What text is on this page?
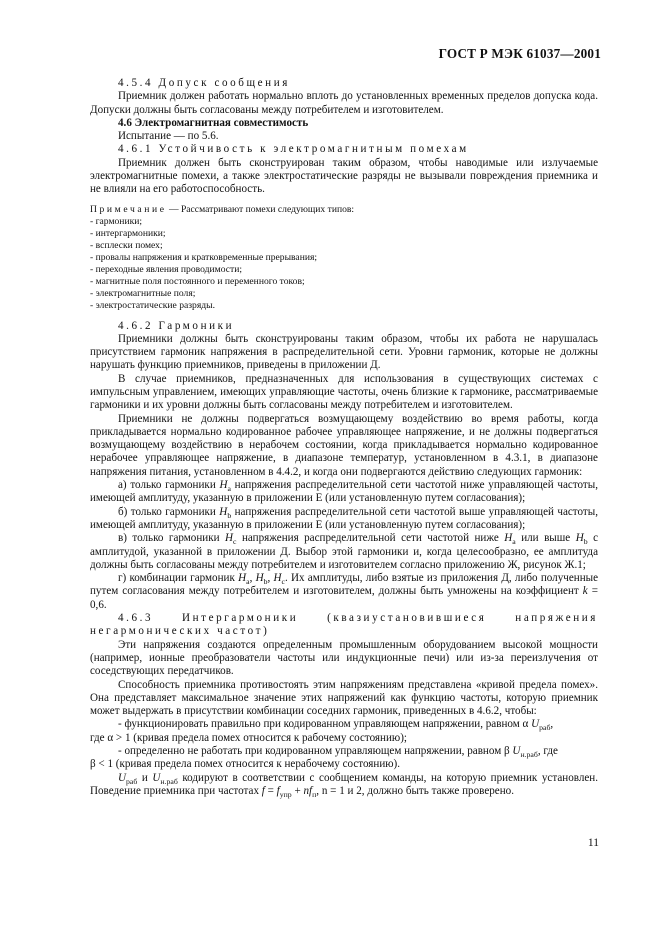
ГОСТ Р МЭК 61037—2001

4.5.4 Допуск сообщения

Приемник должен работать нормально вплоть до установленных временных пределов допуска кода. Допуски должны быть согласованы между потребителем и изготовителем.

4.6 Электромагнитная совместимость

Испытание — по 5.6.

4.6.1 Устойчивость к электромагнитным помехам

Приемник должен быть сконструирован таким образом, чтобы наводимые или излучаемые электромагнитные помехи, а также электростатические разряды не вызывали повреждения приемника и не влияли на его работоспособность.

Примечание — Рассматривают помехи следующих типов:

- гармоники;

- интергармоники;

- всплески помех;

- провалы напряжения и кратковременные прерывания;

- переходные явления проводимости;

- магнитные поля постоянного и переменного токов;

- электромагнитные поля;

- электростатические разряды.

4.6.2 Гармоники

Приемники должны быть сконструированы таким образом, чтобы их работа не нарушалась присутствием гармоник напряжения в распределительной сети. Уровни гармоник, которые не должны нарушать функцию приемников, приведены в приложении Д.

В случае приемников, предназначенных для использования в существующих системах с импульсным управлением, имеющих управляющие частоты, очень близкие к гармонике, рассматриваемые гармоники и их уровни должны быть согласованы между потребителем и изготовителем.

Приемники не должны подвергаться возмущающему воздействию во время работы, когда прикладывается нормально кодированное рабочее управляющее напряжение, и не должны подвергаться возмущающему воздействию в нерабочем состоянии, когда прикладывается нормально кодированное нерабочее управляющее напряжение, в диапазоне температур, установленном в 4.3.1, в диапазоне напряжения питания, установленном в 4.4.2, и когда они подвергаются действию следующих гармоник:

а) только гармоники $H_a$ напряжения распределительной сети частотой ниже управляющей частоты, имеющей амплитуду, указанную в приложении Е (или установленную путем согласования);

б) только гармоники $H_b$ напряжения распределительной сети частотой выше управляющей частоты, имеющей амплитуду, указанную в приложении Е (или установленную путем согласования);

в) только гармоники $H_c$ напряжения распределительной сети частотой ниже $H_a$ или выше $H_b$ с амплитудой, указанной в приложении Д. Выбор этой гармоники и, когда целесообразно, ее амплитуда должны быть согласованы между потребителем и изготовителем согласно приложению Ж, рисунок Ж.1;

г) комбинации гармоник $H_a$, $H_b$, $H_c$. Их амплитуды, либо взятые из приложения Д, либо полученные путем согласования между потребителем и изготовителем, должны быть умножены на коэффициент k = 0,6.

4.6.3 Интергармоники (квазиустановившиеся напряжения негармонических частот)

Эти напряжения создаются определенным промышленным оборудованием высокой мощности (например, ионные преобразователи частоты или индукционные печи) или из-за переизлучения от соседствующих передатчиков.

Способность приемника противостоять этим напряжениям представлена «кривой предела помех». Она представляет максимальное значение этих напряжений как функцию частоты, которую приемник может выдержать в присутствии комбинации соседних гармоник, приведенных в 4.6.2, чтобы:

- функционировать правильно при кодированном управляющем напряжении, равном α $U_{раб}$,

где α > 1 (кривая предела помех относится к рабочему состоянию);

- определенно не работать при кодированном управляющем напряжении, равном β $U_{н.раб}$, где

β < 1 (кривая предела помех относится к нерабочему состоянию).

$U_{раб}$ и $U_{н.раб}$ кодируют в соответствии с сообщением команды, на которую приемник установлен. Поведение приемника при частотах $f = f_{упр} + nf_п$, n = 1 и 2, должно быть также проверено.

11
